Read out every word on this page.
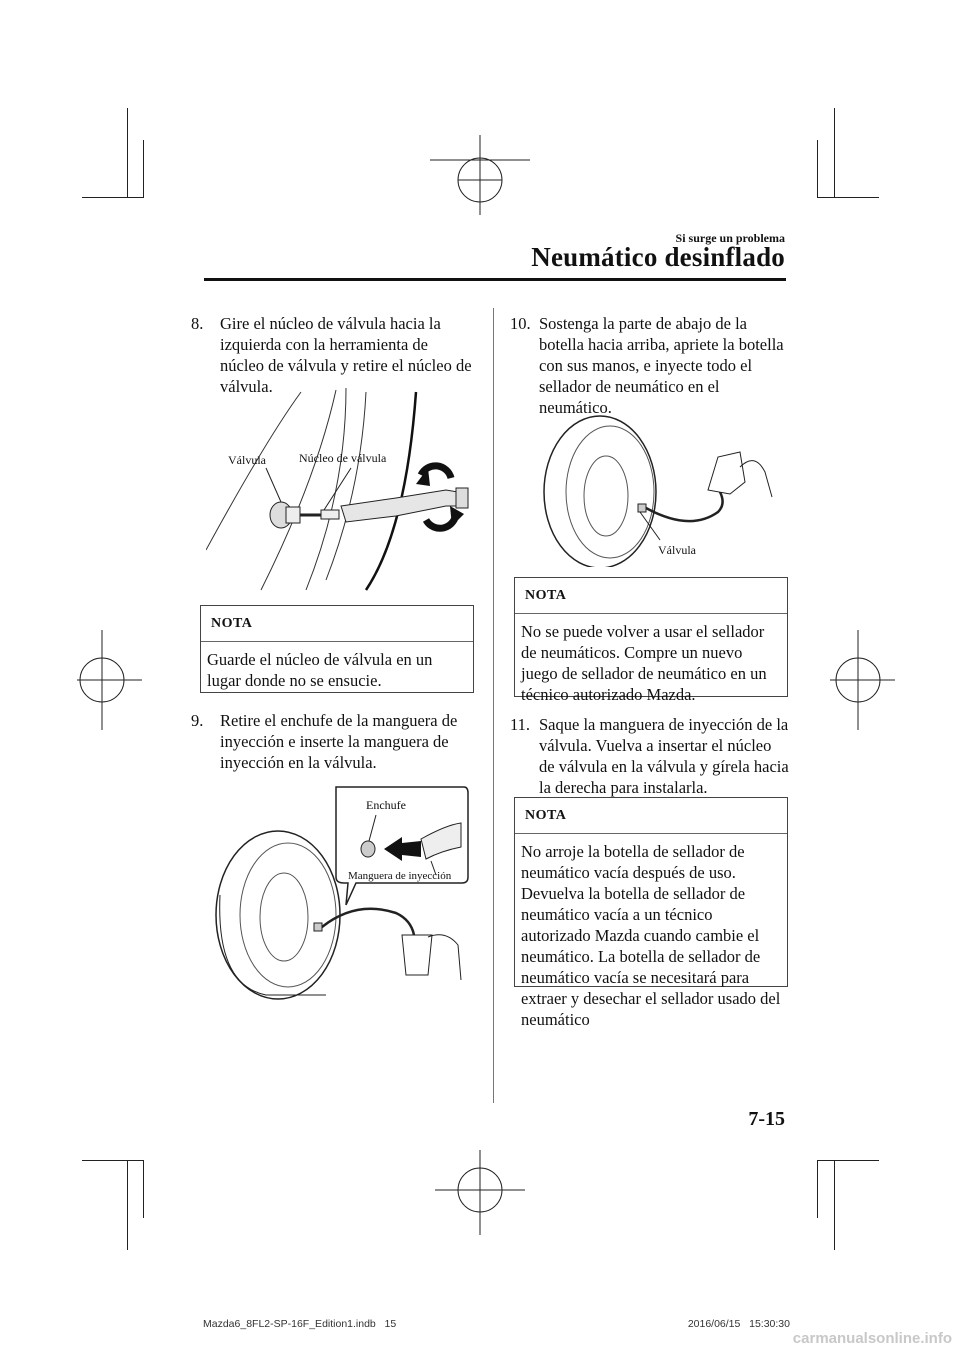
Si surge un problema
Neumático desinflado
8.	Gire el núcleo de válvula hacia la izquierda con la herramienta de núcleo de válvula y retire el núcleo de válvula.
Válvula	Núcleo de válvula
NOTA
Guarde el núcleo de válvula en un lugar donde no se ensucie.
9.	Retire el enchufe de la manguera de inyección e inserte la manguera de inyección en la válvula.
Enchufe
Manguera de inyección
10. Sostenga la parte de abajo de la botella hacia arriba, apriete la botella con sus manos, e inyecte todo el sellador de neumático en el neumático.
Válvula
NOTA
No se puede volver a usar el sellador de neumáticos. Compre un nuevo juego de sellador de neumático en un técnico autorizado Mazda.
11. Saque la manguera de inyección de la válvula. Vuelva a insertar el núcleo de válvula en la válvula y gírela hacia la derecha para instalarla.
NOTA
No arroje la botella de sellador de neumático vacía después de uso. Devuelva la botella de sellador de neumático vacía a un técnico autorizado Mazda cuando cambie el neumático. La botella de sellador de neumático vacía se necesitará para extraer y desechar el sellador usado del neumático
7-15
Mazda6_8FL2-SP-16F_Edition1.indb   15	2016/06/15   15:30:30
carmanualsonline.info
